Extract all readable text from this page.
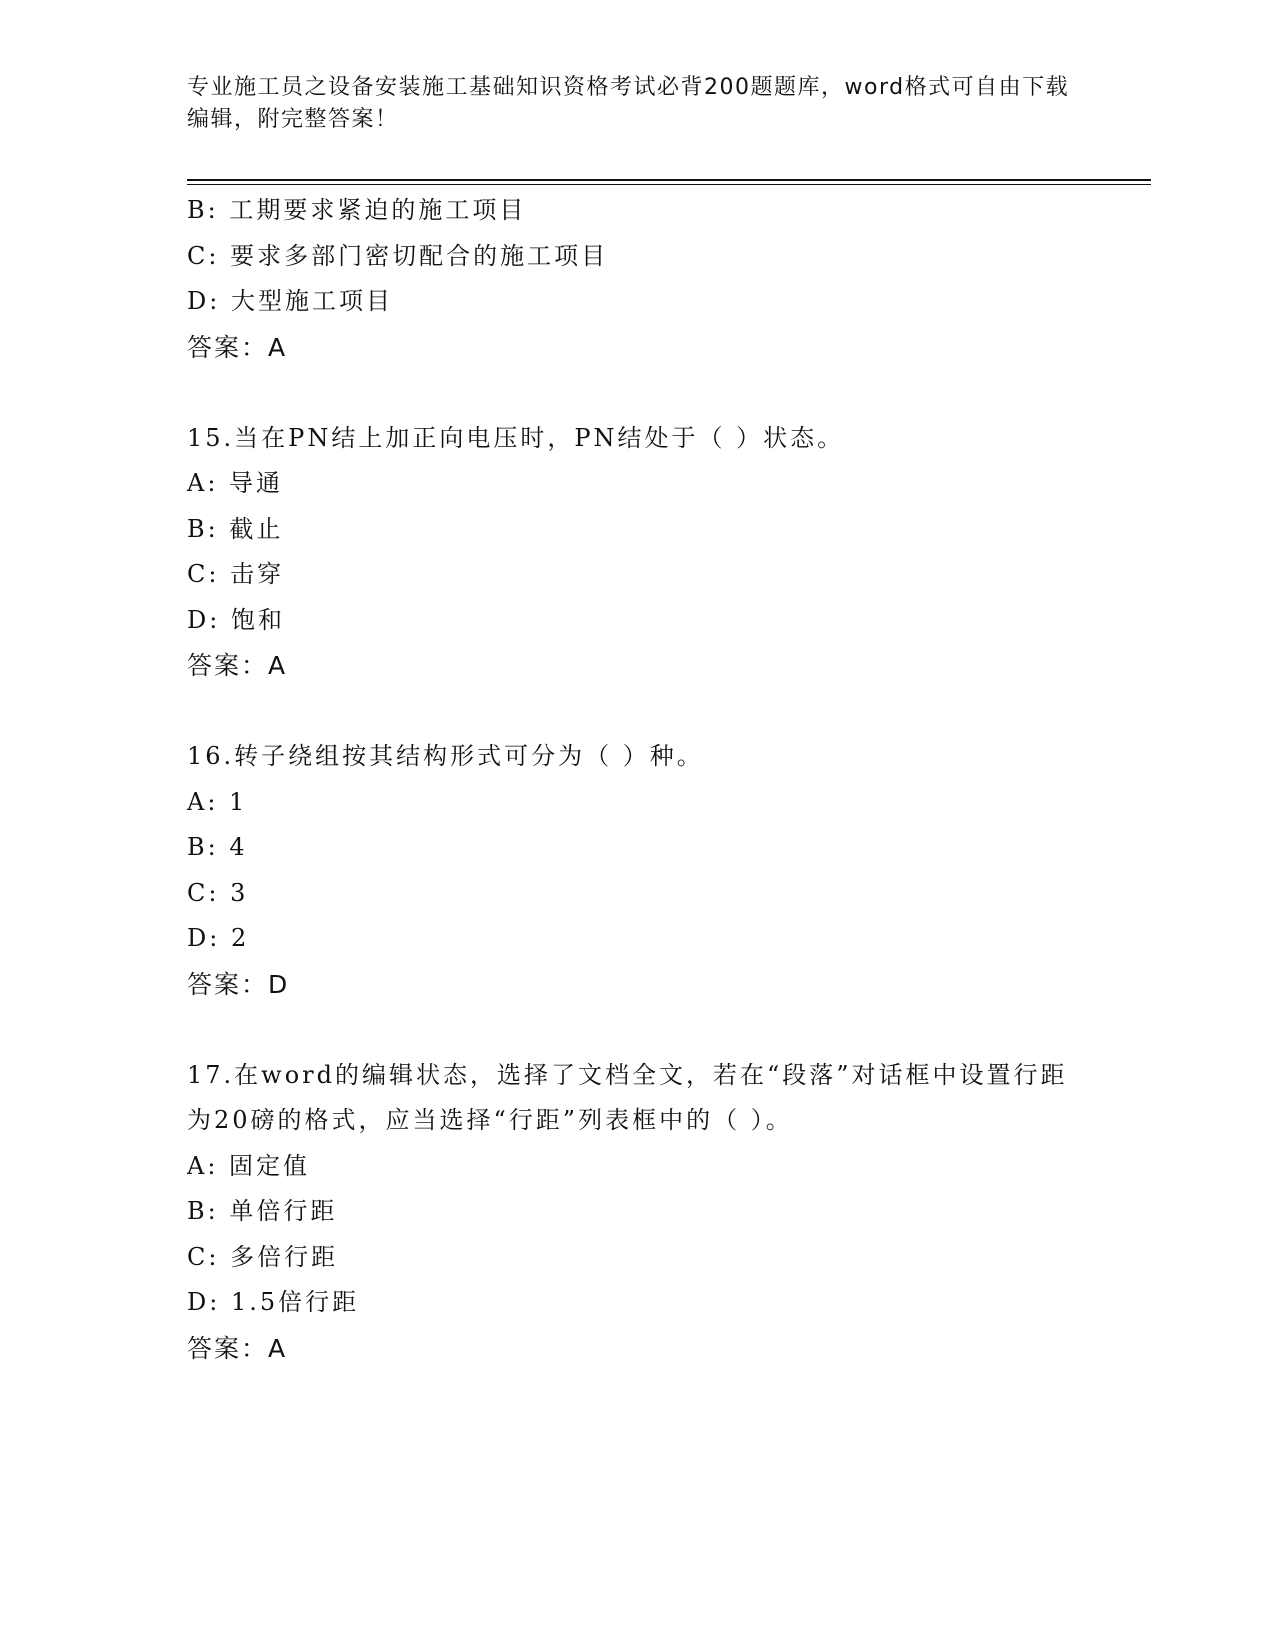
专业施工员之设备安装施工基础知识资格考试必背200题题库，word格式可自由下载编辑，附完整答案！
B: 工期要求紧迫的施工项目
C: 要求多部门密切配合的施工项目
D: 大型施工项目
答案：A
15.当在PN结上加正向电压时，PN结处于（ ）状态。
A: 导通
B: 截止
C: 击穿
D: 饱和
答案：A
16.转子绕组按其结构形式可分为（ ）种。
A: 1
B: 4
C: 3
D: 2
答案：D
17.在word的编辑状态，选择了文档全文，若在“段落”对话框中设置行距为20磅的格式，应当选择“行距”列表框中的（ ）。
A: 固定值
B: 单倍行距
C: 多倍行距
D: 1.5倍行距
答案：A
